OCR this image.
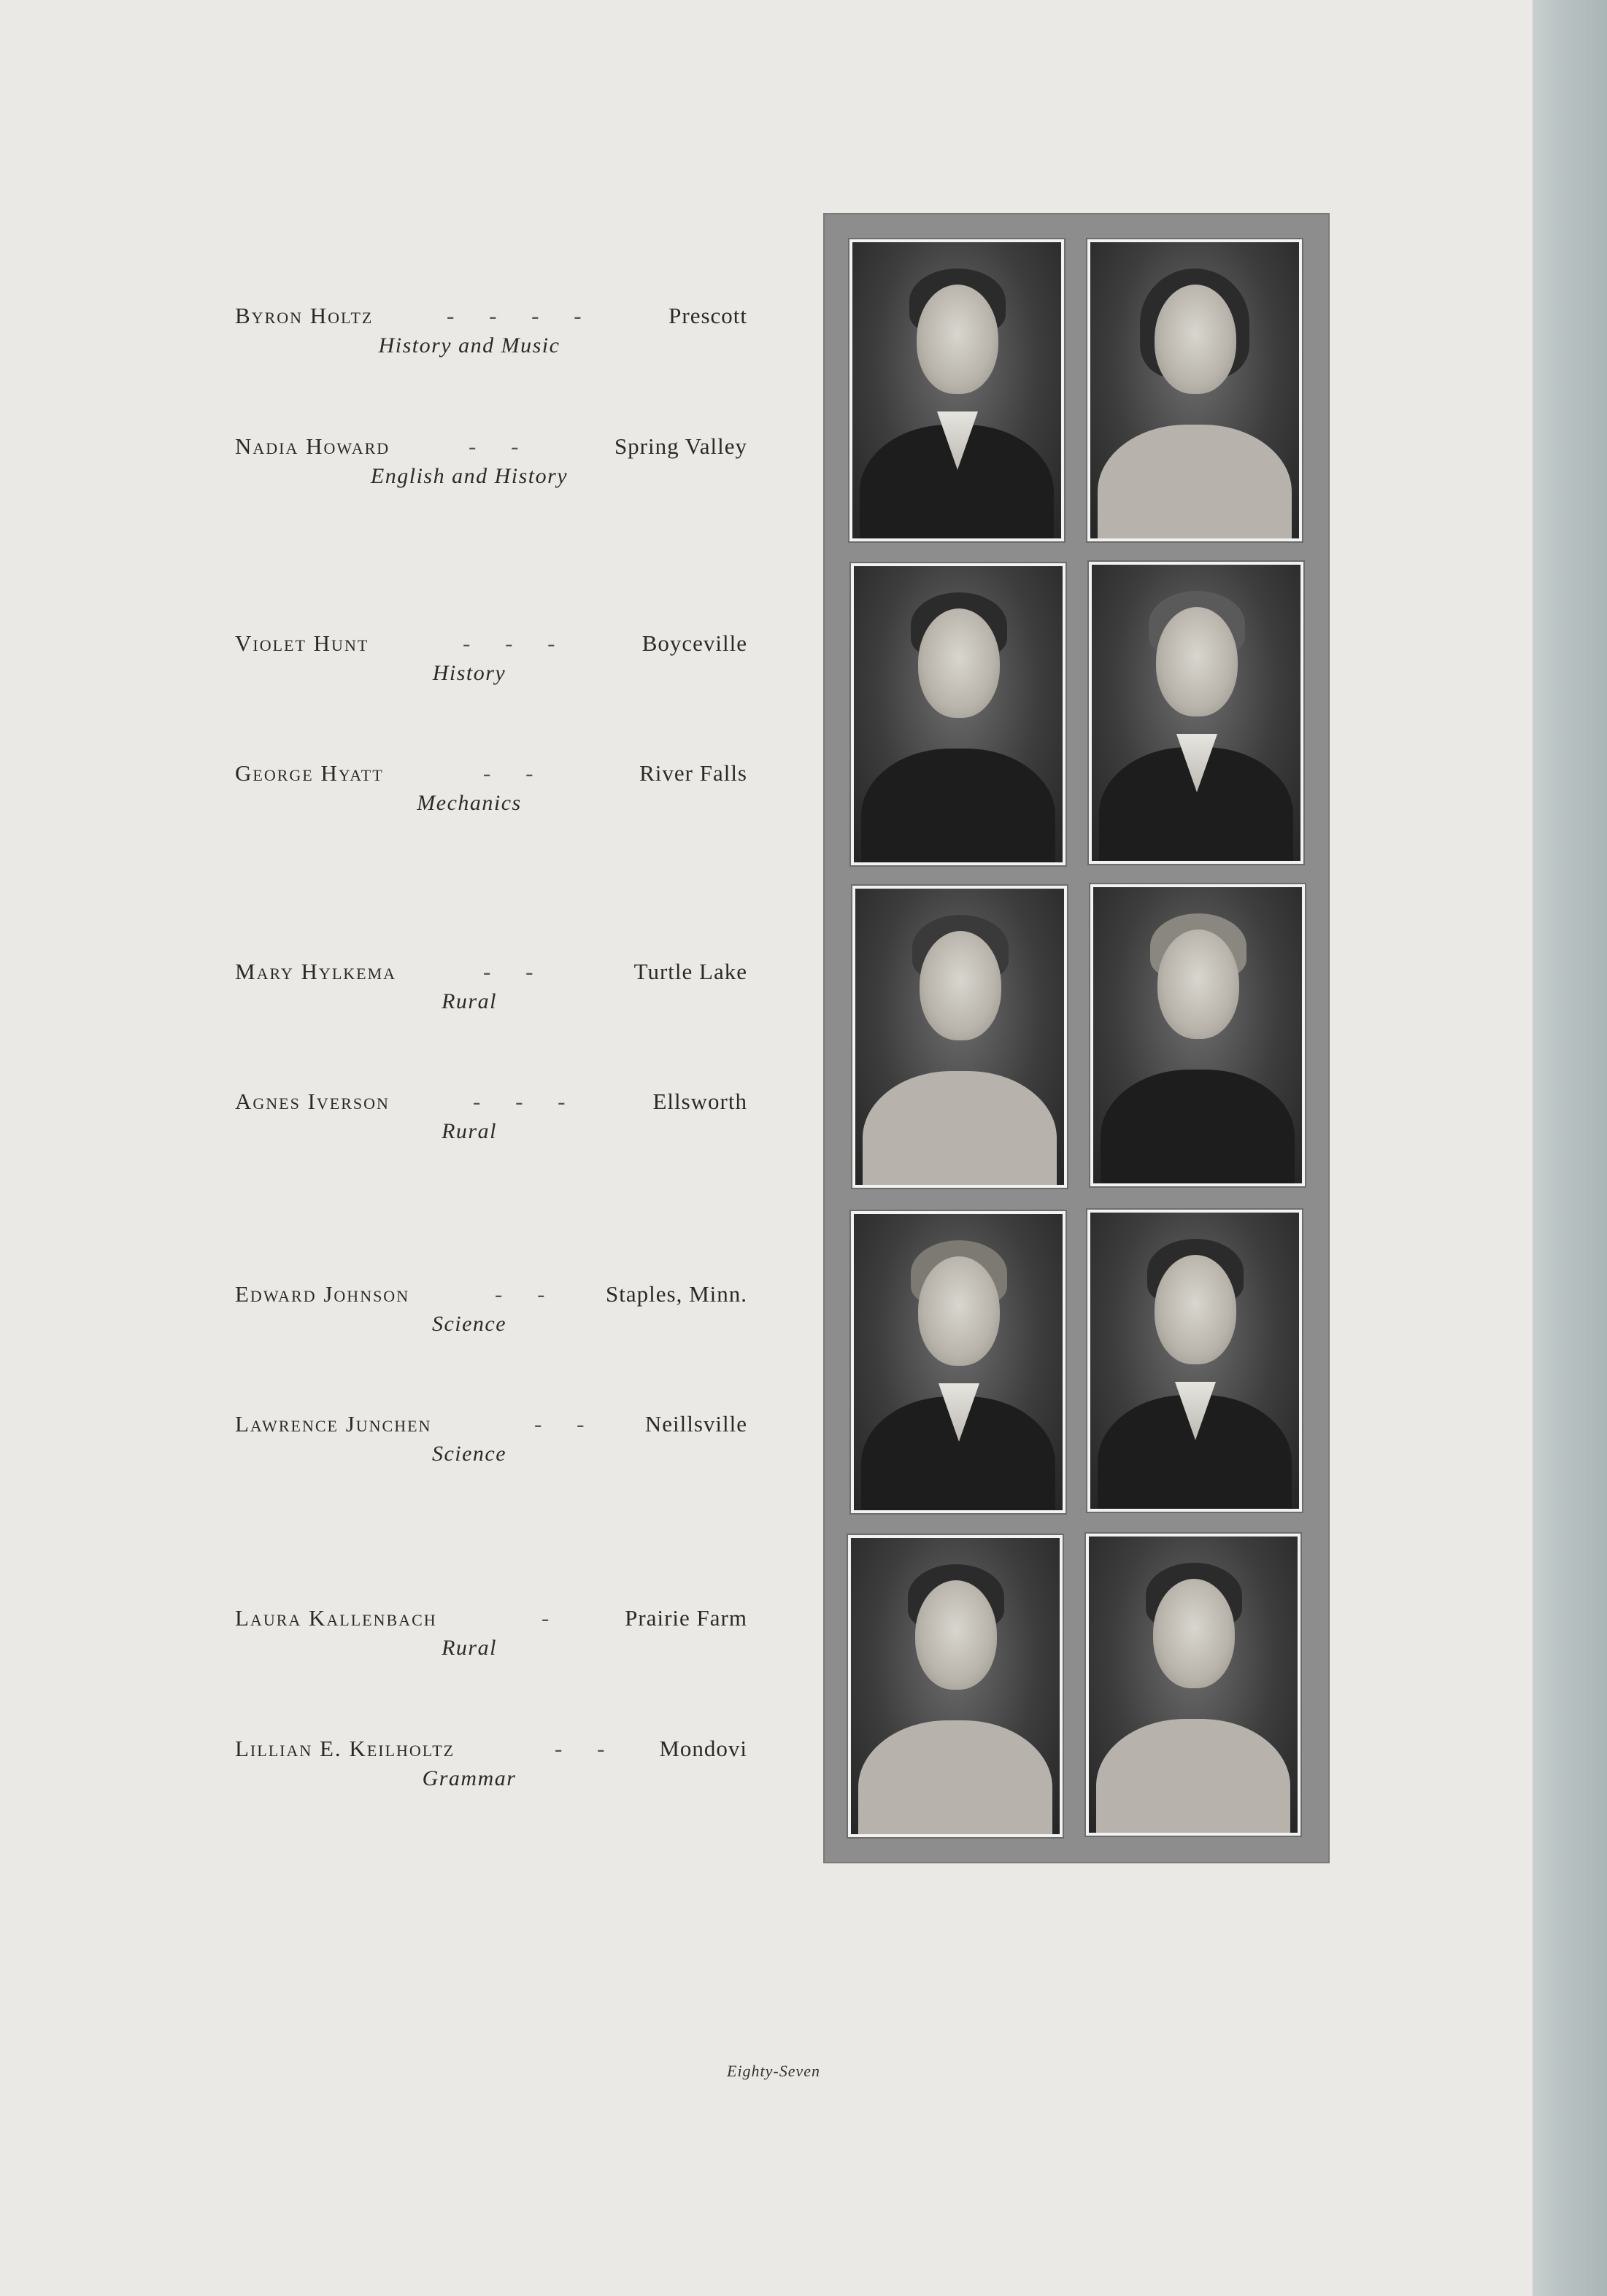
Byron Holtz	- - - -	Prescott
History and Music
Nadia Howard	- -	Spring Valley
English and History
Violet Hunt	- - -	Boyceville
History
George Hyatt	- -	River Falls
Mechanics
Mary Hylkema	- -	Turtle Lake
Rural
Agnes Iverson	- - -	Ellsworth
Rural
Edward Johnson	- - Staples, Minn.
Science
Lawrence Junchen	- - Neillsville
Science
Laura Kallenbach	-	Prairie Farm
Rural
Lillian E. Keilholtz	- - Mondovi
Grammar
Eighty-Seven
